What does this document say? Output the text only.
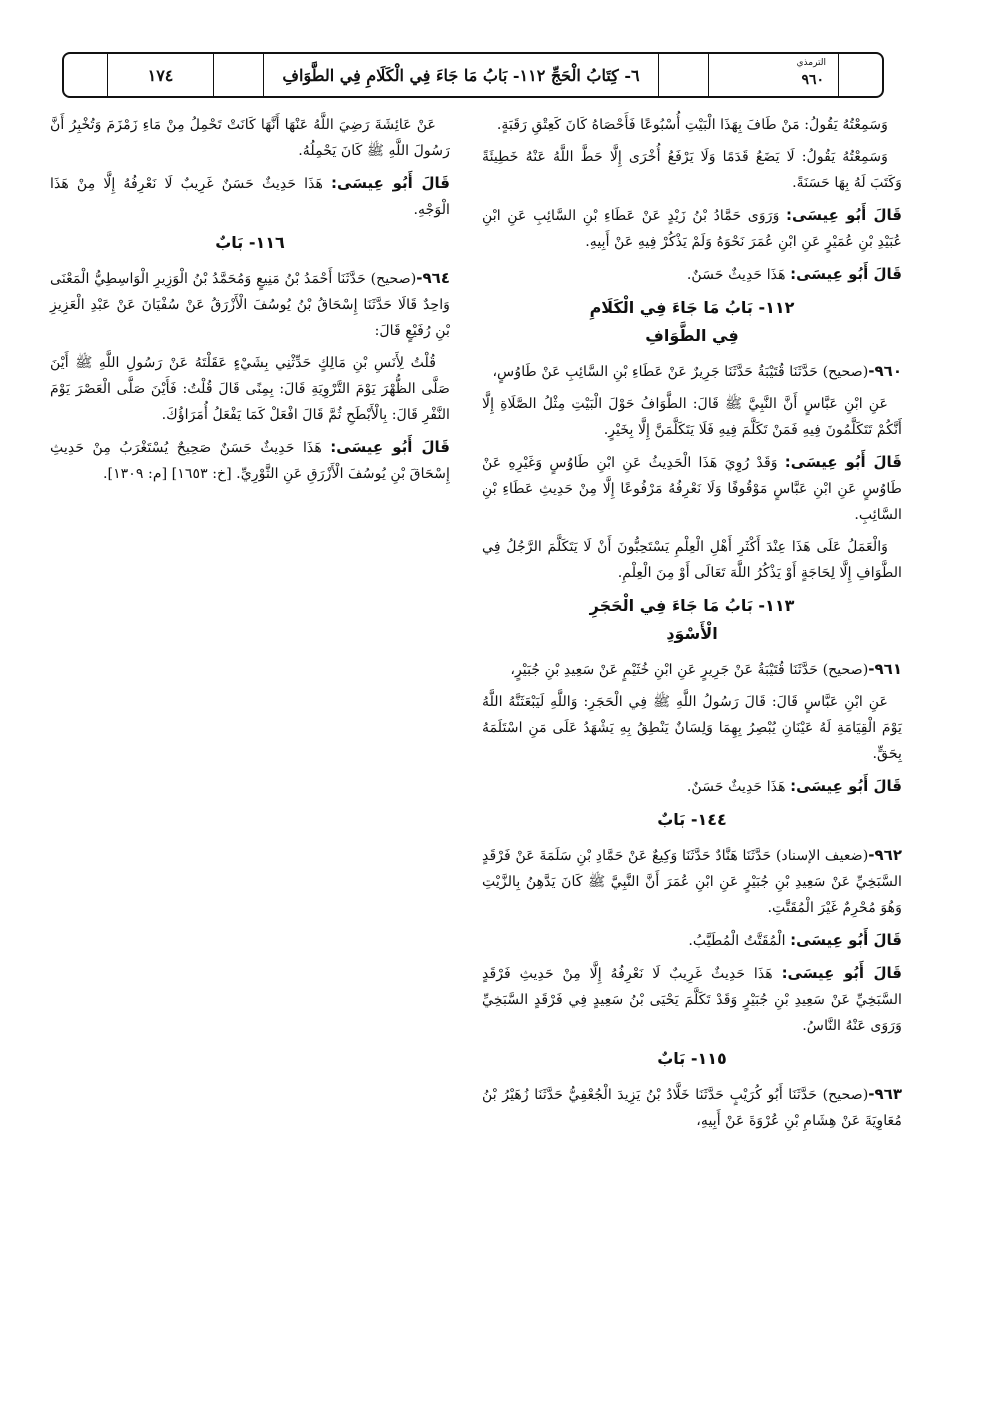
الترمذي
٩٦٠
٦- كِتَابُ الْحَجِّ ١١٢- بَابُ مَا جَاءَ فِي الْكَلَامِ فِي الطَّوَافِ
١٧٤

وَسَمِعْتُهُ يَقُولُ: مَنْ طَافَ بِهَذَا الْبَيْتِ أُسْبُوعًا فَأَحْصَاهُ كَانَ كَعِتْقِ رَقَبَةٍ.

وَسَمِعْتُهُ يَقُولُ: لَا يَضَعُ قَدَمًا وَلَا يَرْفَعُ أُخْرَى إِلَّا حَطَّ اللَّهُ عَنْهُ خَطِيئَةً وَكَتَبَ لَهُ بِهَا حَسَنَةً.

قَالَ أَبُو عِيسَى: وَرَوَى حَمَّادُ بْنُ زَيْدٍ عَنْ عَطَاءِ بْنِ السَّائِبِ عَنِ ابْنِ عُبَيْدِ بْنِ عُمَيْرٍ عَنِ ابْنِ عُمَرَ نَحْوَهُ وَلَمْ يَذْكُرْ فِيهِ عَنْ أَبِيهِ.

قَالَ أَبُو عِيسَى: هَذَا حَدِيثٌ حَسَنٌ.

١١٢- بَابُ مَا جَاءَ فِي الْكَلَامِ
فِي الطَّوَافِ

٩٦٠-(صحيح) حَدَّثَنَا قُتَيْبَةُ حَدَّثَنَا جَرِيرٌ عَنْ عَطَاءِ بْنِ السَّائِبِ عَنْ طَاوُسٍ،

عَنِ ابْنِ عَبَّاسٍ أَنَّ النَّبِيَّ ﷺ قَالَ: الطَّوَافُ حَوْلَ الْبَيْتِ مِثْلُ الصَّلَاةِ إِلَّا أَنَّكُمْ تَتَكَلَّمُونَ فِيهِ فَمَنْ تَكَلَّمَ فِيهِ فَلَا يَتَكَلَّمَنَّ إِلَّا بِخَيْرٍ.

قَالَ أَبُو عِيسَى: وَقَدْ رُوِيَ هَذَا الْحَدِيثُ عَنِ ابْنِ طَاوُسٍ وَغَيْرِهِ عَنْ طَاوُسٍ عَنِ ابْنِ عَبَّاسٍ مَوْقُوفًا وَلَا نَعْرِفُهُ مَرْفُوعًا إِلَّا مِنْ حَدِيثِ عَطَاءِ بْنِ السَّائِبِ.

وَالْعَمَلُ عَلَى هَذَا عِنْدَ أَكْثَرِ أَهْلِ الْعِلْمِ يَسْتَحِبُّونَ أَنْ لَا يَتَكَلَّمَ الرَّجُلُ فِي الطَّوَافِ إِلَّا لِحَاجَةٍ أَوْ يَذْكُرُ اللَّهَ تَعَالَى أَوْ مِنَ الْعِلْمِ.

١١٣- بَابُ مَا جَاءَ فِي الْحَجَرِ
الْأَسْوَدِ

٩٦١-(صحيح) حَدَّثَنَا قُتَيْبَةُ عَنْ جَرِيرٍ عَنِ ابْنِ خُثَيْمٍ عَنْ سَعِيدِ بْنِ جُبَيْرٍ،

عَنِ ابْنِ عَبَّاسٍ قَالَ: قَالَ رَسُولُ اللَّهِ ﷺ فِي الْحَجَرِ: وَاللَّهِ لَيَبْعَثَنَّهُ اللَّهُ يَوْمَ الْقِيَامَةِ لَهُ عَيْنَانِ يُبْصِرُ بِهِمَا وَلِسَانٌ يَنْطِقُ بِهِ يَشْهَدُ عَلَى مَنِ اسْتَلَمَهُ بِحَقٍّ.

قَالَ أَبُو عِيسَى: هَذَا حَدِيثٌ حَسَنٌ.

١٤٤- بَابٌ

٩٦٢-(ضعيف الإسناد) حَدَّثَنَا هَنَّادٌ حَدَّثَنَا وَكِيعٌ عَنْ حَمَّادِ بْنِ سَلَمَةَ عَنْ فَرْقَدٍ السَّبَخِيِّ عَنْ سَعِيدِ بْنِ جُبَيْرٍ عَنِ ابْنِ عُمَرَ أَنَّ النَّبِيَّ ﷺ كَانَ يَدَّهِنُ بِالزَّيْتِ وَهُوَ مُحْرِمٌ غَيْرَ الْمُقَتَّتِ.

قَالَ أَبُو عِيسَى: الْمُقَتَّتُ الْمُطَيَّبُ.

قَالَ أَبُو عِيسَى: هَذَا حَدِيثٌ غَرِيبٌ لَا نَعْرِفُهُ إِلَّا مِنْ حَدِيثِ فَرْقَدٍ السَّبَخِيِّ عَنْ سَعِيدِ بْنِ جُبَيْرٍ وَقَدْ تَكَلَّمَ يَحْيَى بْنُ سَعِيدٍ فِي فَرْقَدٍ السَّبَخِيِّ وَرَوَى عَنْهُ النَّاسُ.

١١٥- بَابٌ

٩٦٣-(صحيح) حَدَّثَنَا أَبُو كُرَيْبٍ حَدَّثَنَا خَلَّادُ بْنُ يَزِيدَ الْجُعْفِيُّ حَدَّثَنَا زُهَيْرُ بْنُ مُعَاوِيَةَ عَنْ هِشَامِ بْنِ عُرْوَةَ عَنْ أَبِيهِ،

عَنْ عَائِشَةَ رَضِيَ اللَّهُ عَنْهَا أَنَّهَا كَانَتْ تَحْمِلُ مِنْ مَاءِ زَمْزَمَ وَتُخْبِرُ أَنَّ رَسُولَ اللَّهِ ﷺ كَانَ يَحْمِلُهُ.

قَالَ أَبُو عِيسَى: هَذَا حَدِيثٌ حَسَنٌ غَرِيبٌ لَا نَعْرِفُهُ إِلَّا مِنْ هَذَا الْوَجْهِ.

١١٦- بَابٌ

٩٦٤-(صحيح) حَدَّثَنَا أَحْمَدُ بْنُ مَنِيعٍ وَمُحَمَّدُ بْنُ الْوَزِيرِ الْوَاسِطِيُّ الْمَعْنَى وَاحِدٌ قَالَا حَدَّثَنَا إِسْحَاقُ بْنُ يُوسُفَ الْأَزْرَقُ عَنْ سُفْيَانَ عَنْ عَبْدِ الْعَزِيزِ بْنِ رُفَيْعٍ قَالَ:

قُلْتُ لِأَنَسِ بْنِ مَالِكٍ حَدِّثْنِي بِشَيْءٍ عَقَلْتَهُ عَنْ رَسُولِ اللَّهِ ﷺ أَيْنَ صَلَّى الظُّهْرَ يَوْمَ التَّرْوِيَةِ قَالَ: بِمِنًى قَالَ قُلْتُ: فَأَيْنَ صَلَّى الْعَصْرَ يَوْمَ النَّفْرِ قَالَ: بِالْأَبْطَحِ ثُمَّ قَالَ افْعَلْ كَمَا يَفْعَلُ أُمَرَاؤُكَ.

قَالَ أَبُو عِيسَى: هَذَا حَدِيثٌ حَسَنٌ صَحِيحٌ يُسْتَغْرَبُ مِنْ حَدِيثِ إِسْحَاقَ بْنِ يُوسُفَ الْأَزْرَقِ عَنِ الثَّوْرِيِّ. [خ: ١٦٥٣] [م: ١٣٠٩].
